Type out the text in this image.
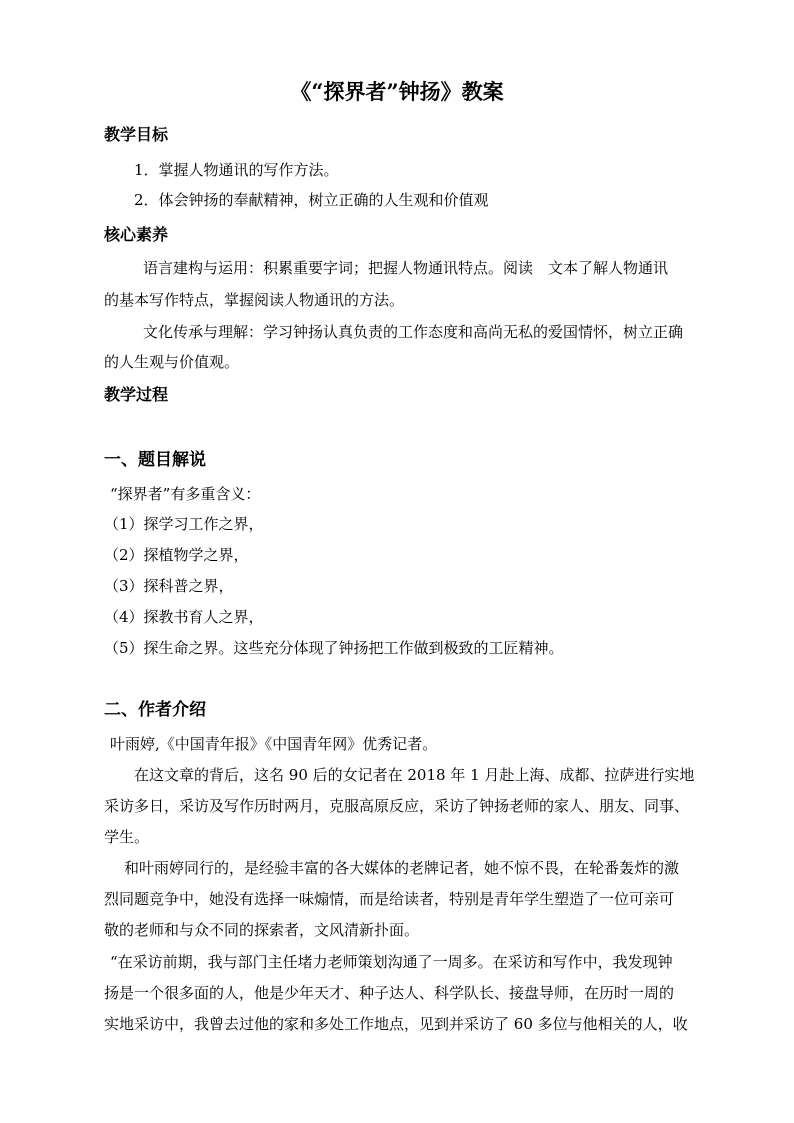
《“探界者”钟扬》教案
教学目标
1．掌握人物通讯的写作方法。
2．体会钟扬的奉献精神，树立正确的人生观和价值观
核心素养
语言建构与运用：积累重要字词；把握人物通讯特点。阅读　文本了解人物通讯
的基本写作特点，掌握阅读人物通讯的方法。
文化传承与理解：学习钟扬认真负责的工作态度和高尚无私的爱国情怀，树立正确
的人生观与价值观。
教学过程
一、题目解说
“探界者”有多重含义：
（1）探学习工作之界，
（2）探植物学之界，
（3）探科普之界，
（4）探教书育人之界，
（5）探生命之界。这些充分体现了钟扬把工作做到极致的工匠精神。
二、作者介绍
叶雨婷,《中国青年报》《中国青年网》优秀记者。
在这文章的背后，这名 90 后的女记者在 2018 年 1 月赴上海、成都、拉萨进行实地
采访多日，采访及写作历时两月，克服高原反应，采访了钟扬老师的家人、朋友、同事、
学生。
和叶雨婷同行的，是经验丰富的各大媒体的老牌记者，她不惊不畏，在轮番轰炸的激
烈同题竞争中，她没有选择一味煽情，而是给读者，特别是青年学生塑造了一位可亲可
敬的老师和与众不同的探索者，文风清新扑面。
“在采访前期，我与部门主任堵力老师策划沟通了一周多。在采访和写作中，我发现钟
扬是一个很多面的人，他是少年天才、种子达人、科学队长、接盘导师，在历时一周的
实地采访中，我曾去过他的家和多处工作地点，见到并采访了 60 多位与他相关的人，收
